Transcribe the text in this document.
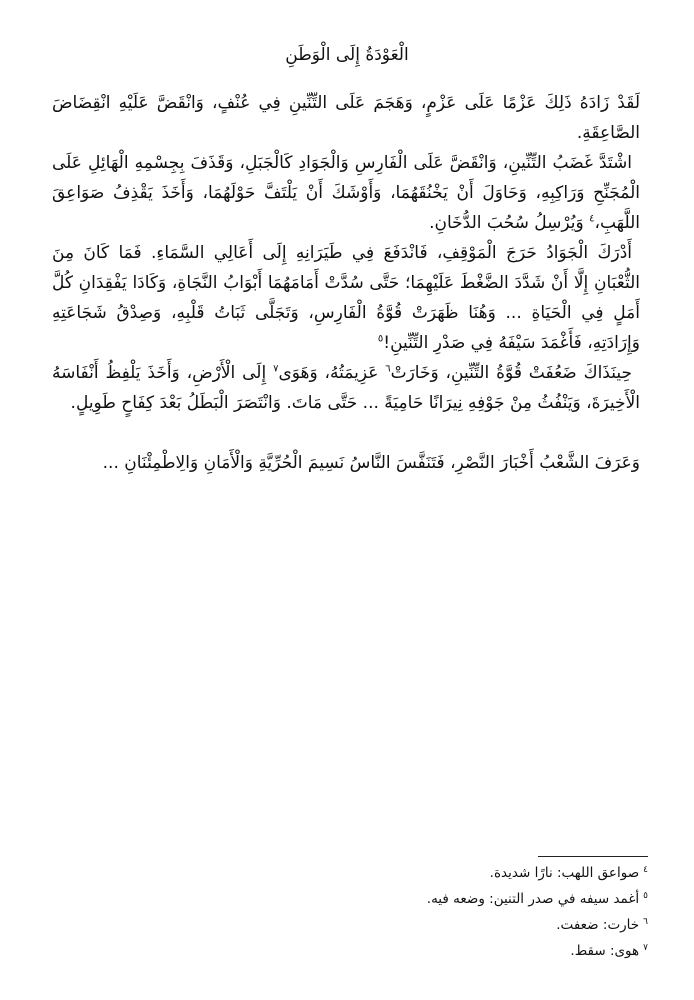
الْعَوْدَةُ إِلَى الْوَطَنِ

لَقَدْ زَادَهُ ذَلِكَ عَزْمًا عَلَى عَزْمٍ، وَهَجَمَ عَلَى التِّنِّينِ فِي عُنْفٍ، وَانْقَضَّ عَلَيْهِ انْقِضَاضَ الصَّاعِقَةِ.

اشْتَدَّ غَضَبُ التِّنِّينِ، وَانْقَضَّ عَلَى الْفَارِسِ وَالْجَوَادِ كَالْجَبَلِ، وَقَذَفَ بِجِسْمِهِ الْهَائِلِ عَلَى الْمُجَنِّحِ وَرَاكِبِهِ، وَحَاوَلَ أَنْ يَخْنُقَهُمَا، وَأَوْشَكَ أَنْ يَلْتَفَّ حَوْلَهُمَا، وَأَخَذَ يَقْذِفُ صَوَاعِقَ اللَّهَبِ،$^٤$ وَيُرْسِلُ سُحُبَ الدُّخَانِ.

أَدْرَكَ الْجَوَادُ حَرَجَ الْمَوْقِفِ، فَانْدَفَعَ فِي طَيَرَانِهِ إِلَى أَعَالِي السَّمَاءِ. فَمَا كَانَ مِنَ الثُّعْبَانِ إِلَّا أَنْ شَدَّدَ الضَّغْطَ عَلَيْهِمَا؛ حَتَّى سُدَّتْ أَمَامَهُمَا أَبْوَابُ النَّجَاةِ، وَكَادَا يَفْقِدَانِ كُلَّ أَمَلٍ فِي الْحَيَاةِ ... وَهُنَا ظَهَرَتْ قُوَّةُ الْفَارِسِ، وَتَجَلَّى ثَبَاتُ قَلْبِهِ، وَصِدْقُ شَجَاعَتِهِ وَإِرَادَتِهِ، فَأَغْمَدَ سَيْفَهُ فِي صَدْرِ التِّنِّينِ!$^٥$

حِينَذَاكَ ضَعُفَتْ قُوَّةُ التِّنِّينِ، وَخَارَتْ$^٦$ عَزِيمَتُهُ، وَهَوَى$^٧$ إِلَى الْأَرْضِ، وَأَخَذَ يَلْفِظُ أَنْفَاسَهُ الْأَخِيرَةَ، وَيَنْفُثُ مِنْ جَوْفِهِ نِيرَانًا حَامِيَةً ... حَتَّى مَاتَ. وَانْتَصَرَ الْبَطَلُ بَعْدَ كِفَاحٍ طَوِيلٍ.

وَعَرَفَ الشَّعْبُ أَخْبَارَ النَّصْرِ، فَتَنَفَّسَ النَّاسُ نَسِيمَ الْحُرِّيَّةِ وَالْأَمَانِ وَالِاطْمِئْنَانِ ...

$^٤$صواعق اللهب: نارًا شديدة.
$^٥$أغمد سيفه في صدر التنين: وضعه فيه.
$^٦$خارت: ضعفت.
$^٧$هوى: سقط.
